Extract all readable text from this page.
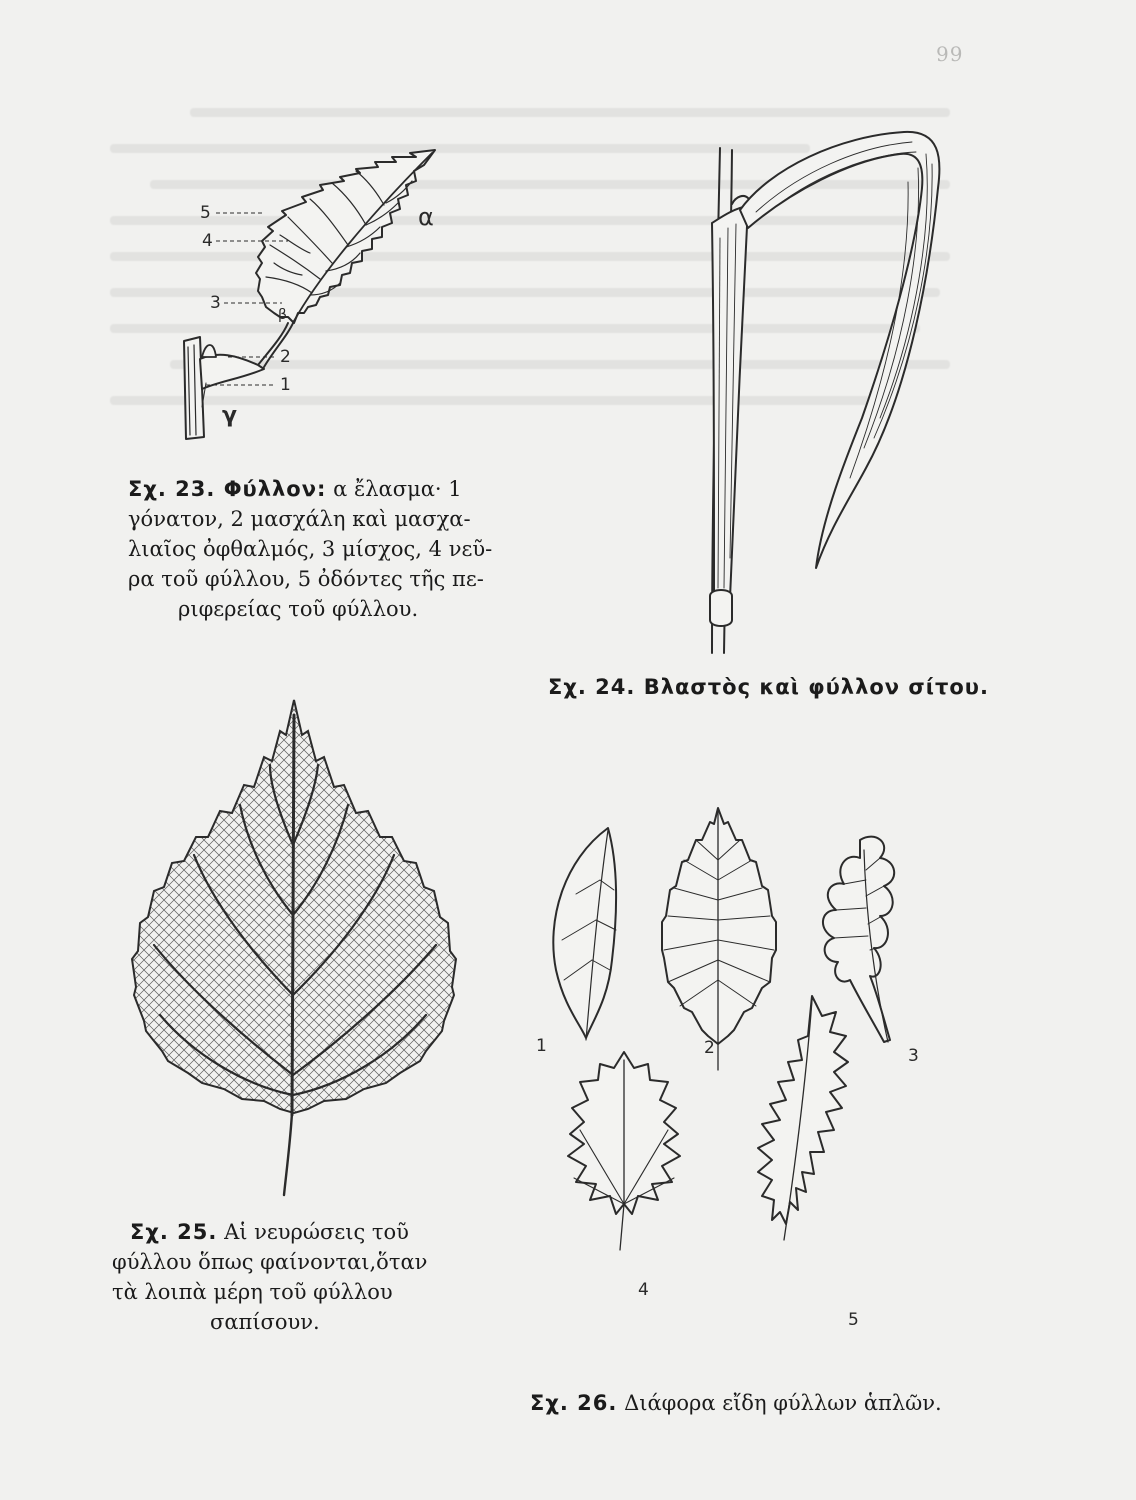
99
α
β
γ
5
4
3
2
1
Σχ. 23. Φύλλον: α ἔλασμα· 1
γόνατον, 2 μασχάλη καὶ μασχα-
λιαῖος ὀφθαλμός, 3 μίσχος, 4 νεῦ-
ρα τοῦ φύλλου, 5 ὀδόντες τῆς πε-
ριφερείας τοῦ φύλλου.
Σχ. 24. Βλαστὸς καὶ φύλλον σίτου.
Σχ. 25. Αἱ νευρώσεις τοῦ
φύλλου ὅπως φαίνονται,ὅταν
τὰ λοιπὰ μέρη τοῦ φύλλου
σαπίσουν.
1	2	3
4
5
Σχ. 26. Διάφορα εἴδη φύλλων ἁπλῶν.
